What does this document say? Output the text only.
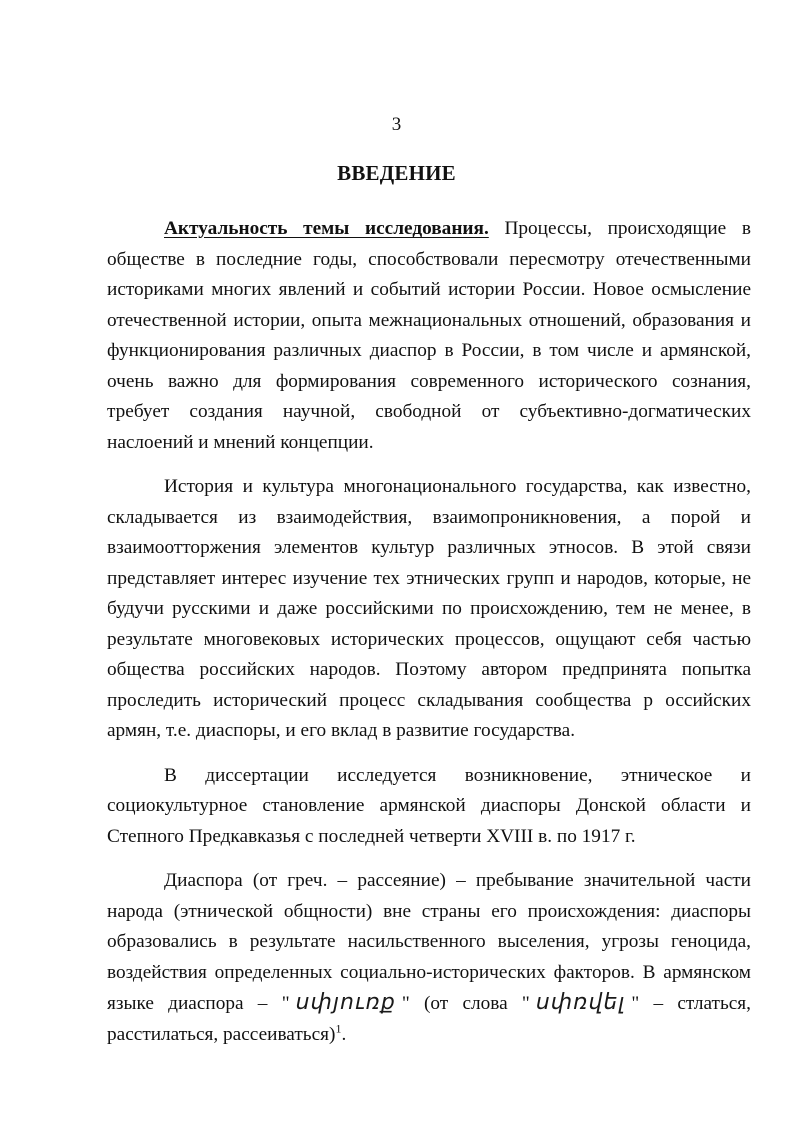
3
ВВЕДЕНИЕ

Актуальность темы исследования. Процессы, происходящие в обществе в последние годы, способствовали пересмотру отечественными историками многих явлений и событий истории России. Новое осмысление отечественной истории, опыта межнациональных отношений, образования и функционирования различных диаспор в России, в том числе и армянской, очень важно для формирования современного исторического сознания, требует создания научной, свободной от субъективно-догматических наслоений и мнений концепции.

История и культура многонационального государства, как известно, складывается из взаимодействия, взаимопроникновения, а порой и взаимоотторжения элементов культур различных этносов. В этой связи представляет интерес изучение тех этнических групп и народов, которые, не будучи русскими и даже российскими по происхождению, тем не менее, в результате многовековых исторических процессов, ощущают себя частью общества российских народов. Поэтому автором предпринята попытка проследить исторический процесс складывания сообщества р оссийских армян, т.е. диаспоры, и его вклад в развитие государства.

В диссертации исследуется возникновение, этническое и социокультурное становление армянской диаспоры Донской области и Степного Предкавказья с последней четверти XVIII в. по 1917 г.

Диаспора (от греч. – рассеяние) – пребывание значительной части народа (этнической общности) вне страны его происхождения: диаспоры образовались в результате насильственного выселения, угрозы геноцида, воздействия определенных социально-исторических факторов. В армянском языке диаспора – " սփյուռք " (от слова " սփռվել " – стлаться, расстилаться, рассеиваться)$^1$.
